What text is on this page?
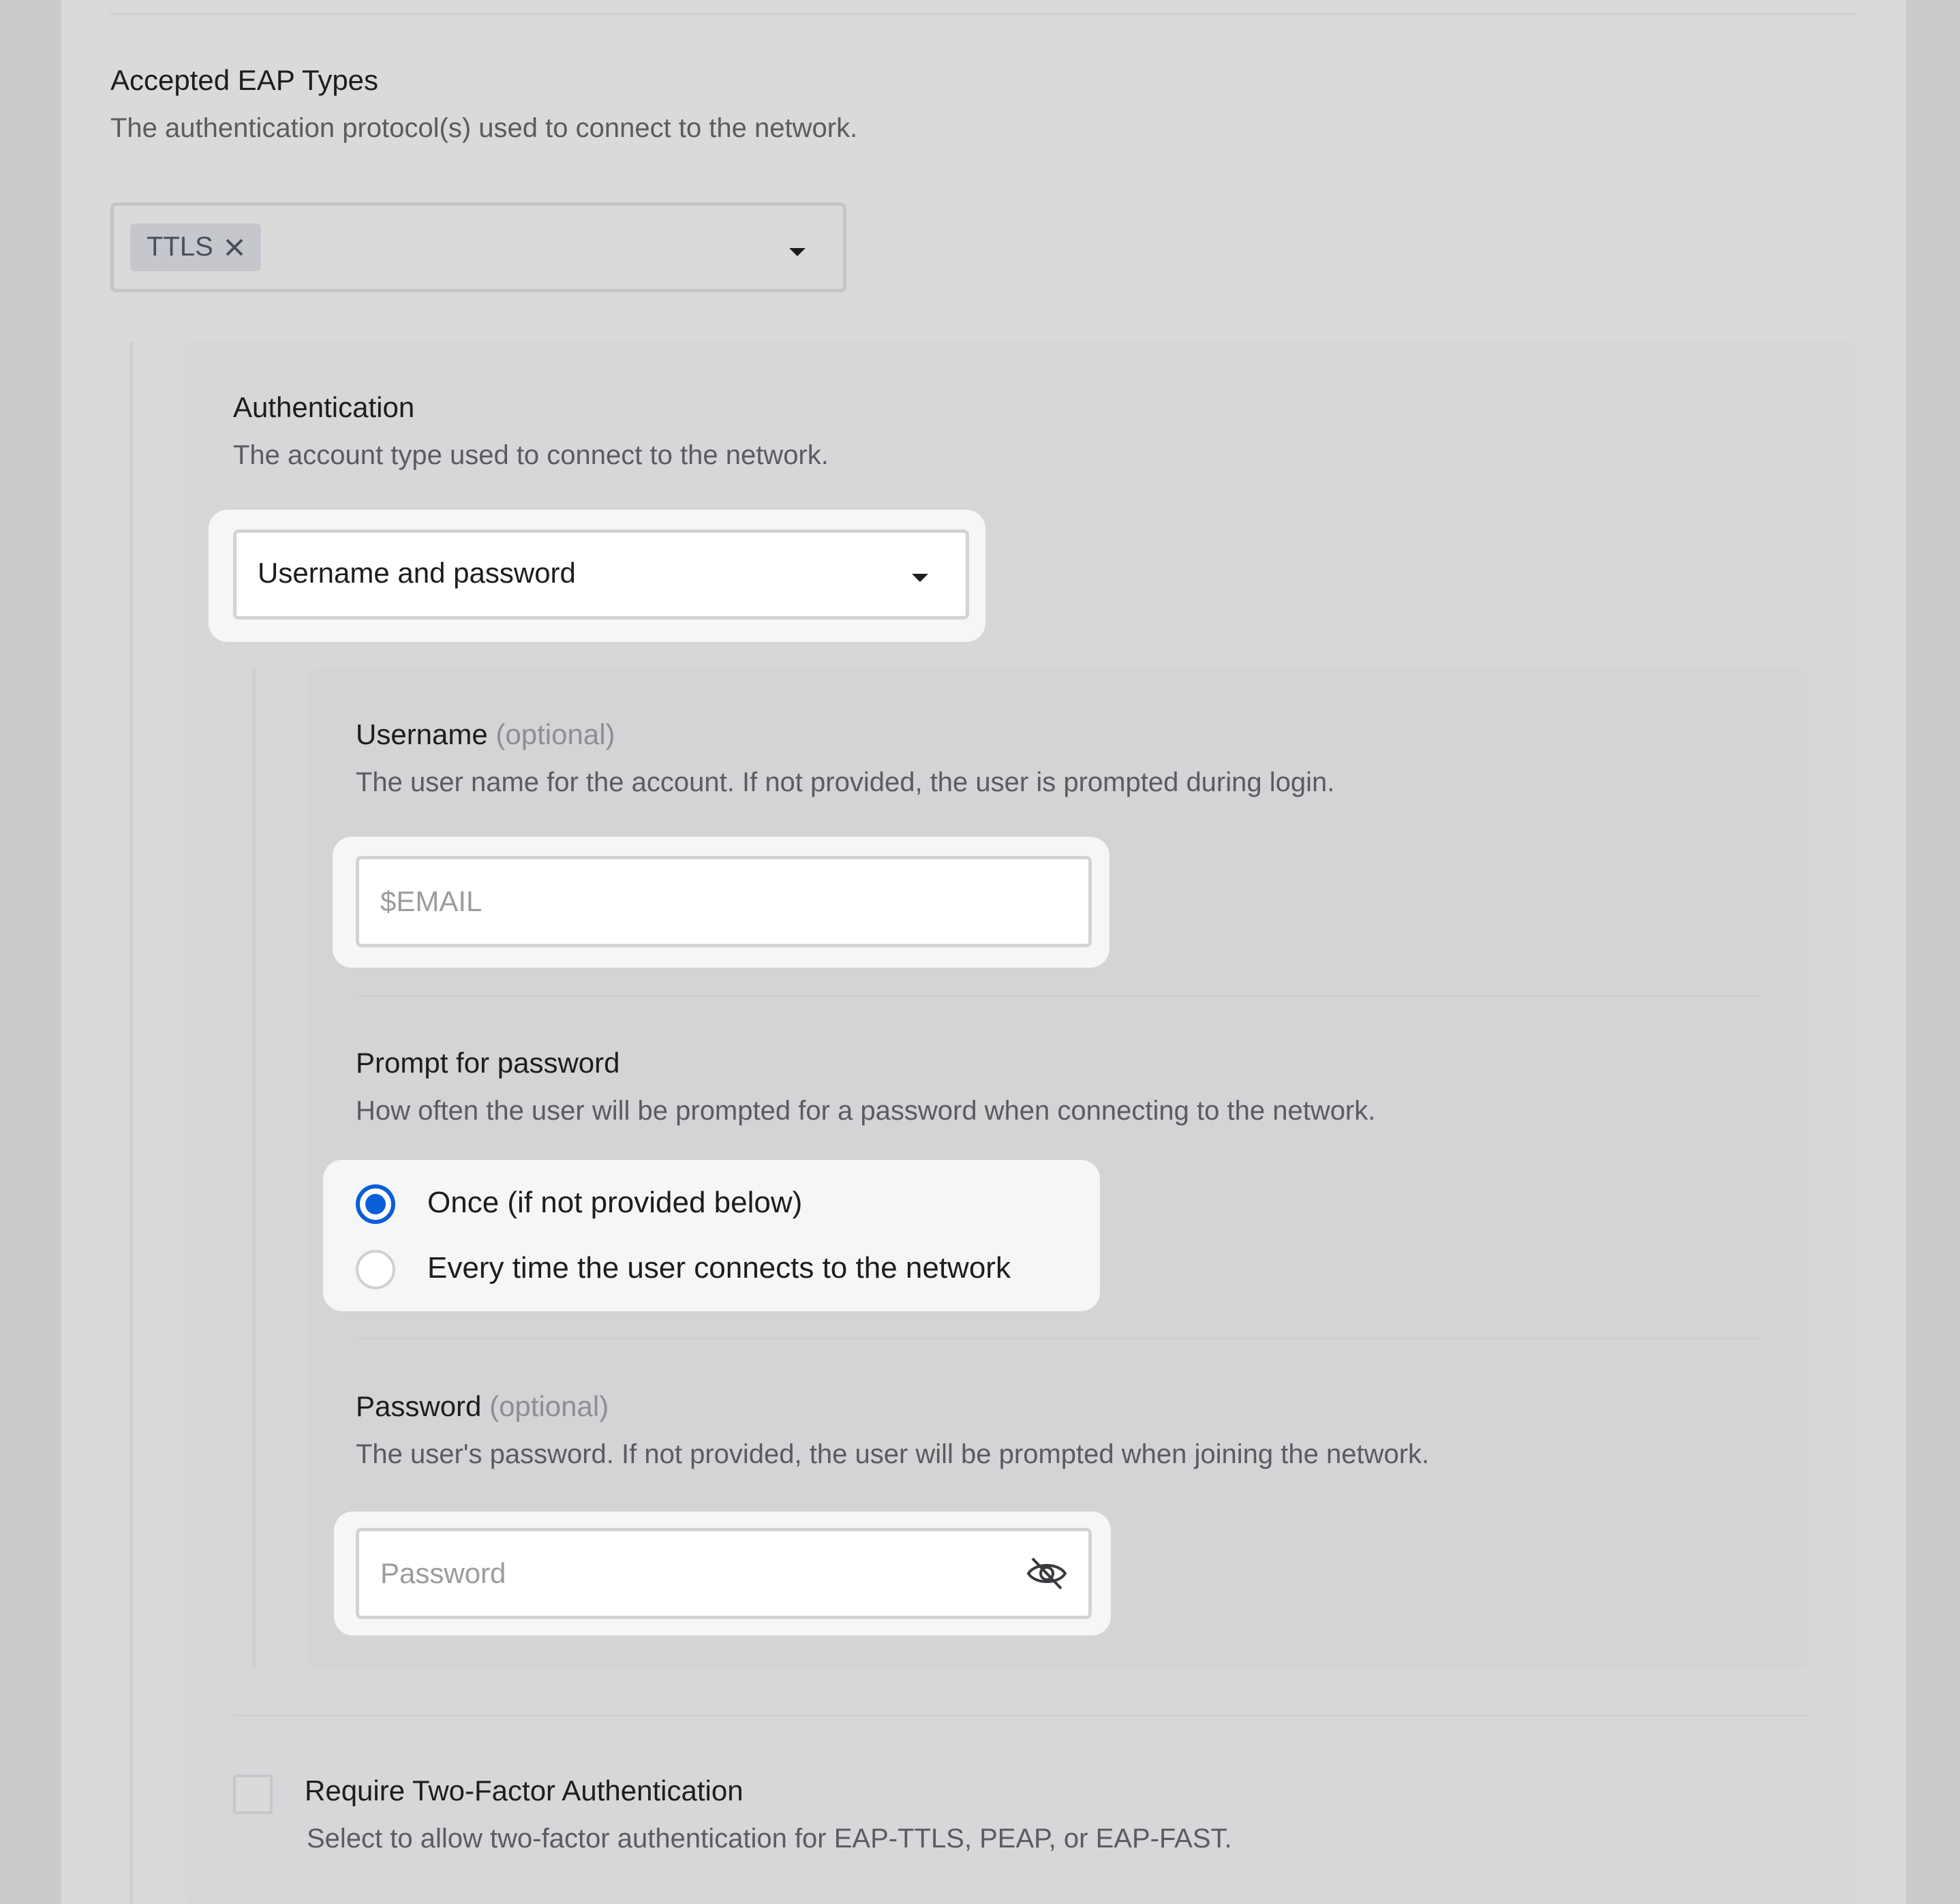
Accepted EAP Types
The authentication protocol(s) used to connect to the network.
TTLS
Authentication
The account type used to connect to the network.
Username and password
Username (optional)
The user name for the account. If not provided, the user is prompted during login.
$EMAIL
Prompt for password
How often the user will be prompted for a password when connecting to the network.
Once (if not provided below)
Every time the user connects to the network
Password (optional)
The user's password. If not provided, the user will be prompted when joining the network.
Password
Require Two-Factor Authentication
Select to allow two-factor authentication for EAP-TTLS, PEAP, or EAP-FAST.
